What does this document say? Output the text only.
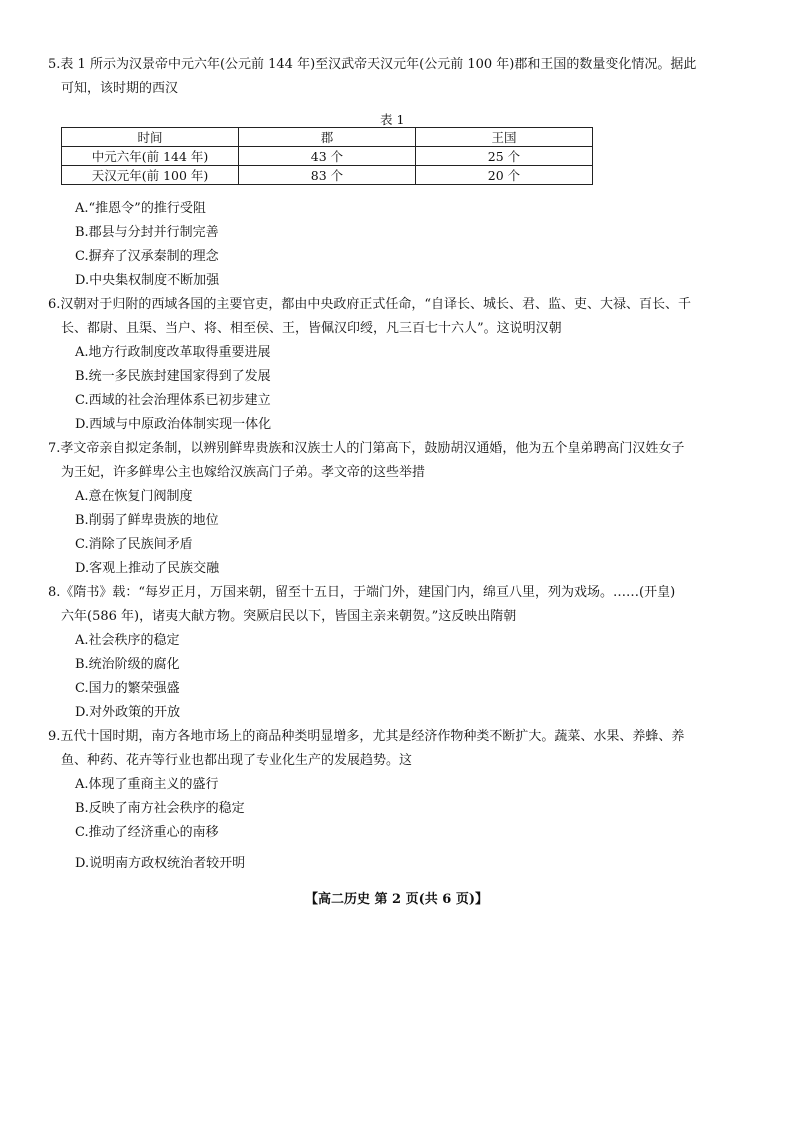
5.表 1 所示为汉景帝中元六年(公元前 144 年)至汉武帝天汉元年(公元前 100 年)郡和王国的数量变化情况。据此
可知，该时期的西汉
表 1
时间	郡	王国
中元六年(前 144 年)	43 个	25 个
天汉元年(前 100 年)	83 个	20 个
A.“推恩令”的推行受阻
B.郡县与分封并行制完善
C.摒弃了汉承秦制的理念
D.中央集权制度不断加强
6.汉朝对于归附的西域各国的主要官吏，都由中央政府正式任命，“自译长、城长、君、监、吏、大禄、百长、千
长、都尉、且渠、当户、将、相至侯、王，皆佩汉印绶，凡三百七十六人”。这说明汉朝
A.地方行政制度改革取得重要进展
B.统一多民族封建国家得到了发展
C.西域的社会治理体系已初步建立
D.西域与中原政治体制实现一体化
7.孝文帝亲自拟定条制，以辨别鲜卑贵族和汉族士人的门第高下，鼓励胡汉通婚，他为五个皇弟聘高门汉姓女子
为王妃，许多鲜卑公主也嫁给汉族高门子弟。孝文帝的这些举措
A.意在恢复门阀制度
B.削弱了鲜卑贵族的地位
C.消除了民族间矛盾
D.客观上推动了民族交融
8.《隋书》载：“每岁正月，万国来朝，留至十五日，于端门外，建国门内，绵亘八里，列为戏场。……(开皇)
六年(586 年)，诸夷大献方物。突厥启民以下，皆国主亲来朝贺。”这反映出隋朝
A.社会秩序的稳定
B.统治阶级的腐化
C.国力的繁荣强盛
D.对外政策的开放
9.五代十国时期，南方各地市场上的商品种类明显增多，尤其是经济作物种类不断扩大。蔬菜、水果、养蜂、养
鱼、种药、花卉等行业也都出现了专业化生产的发展趋势。这
A.体现了重商主义的盛行
B.反映了南方社会秩序的稳定
C.推动了经济重心的南移
D.说明南方政权统治者较开明
【高二历史 第 2 页(共 6 页)】
